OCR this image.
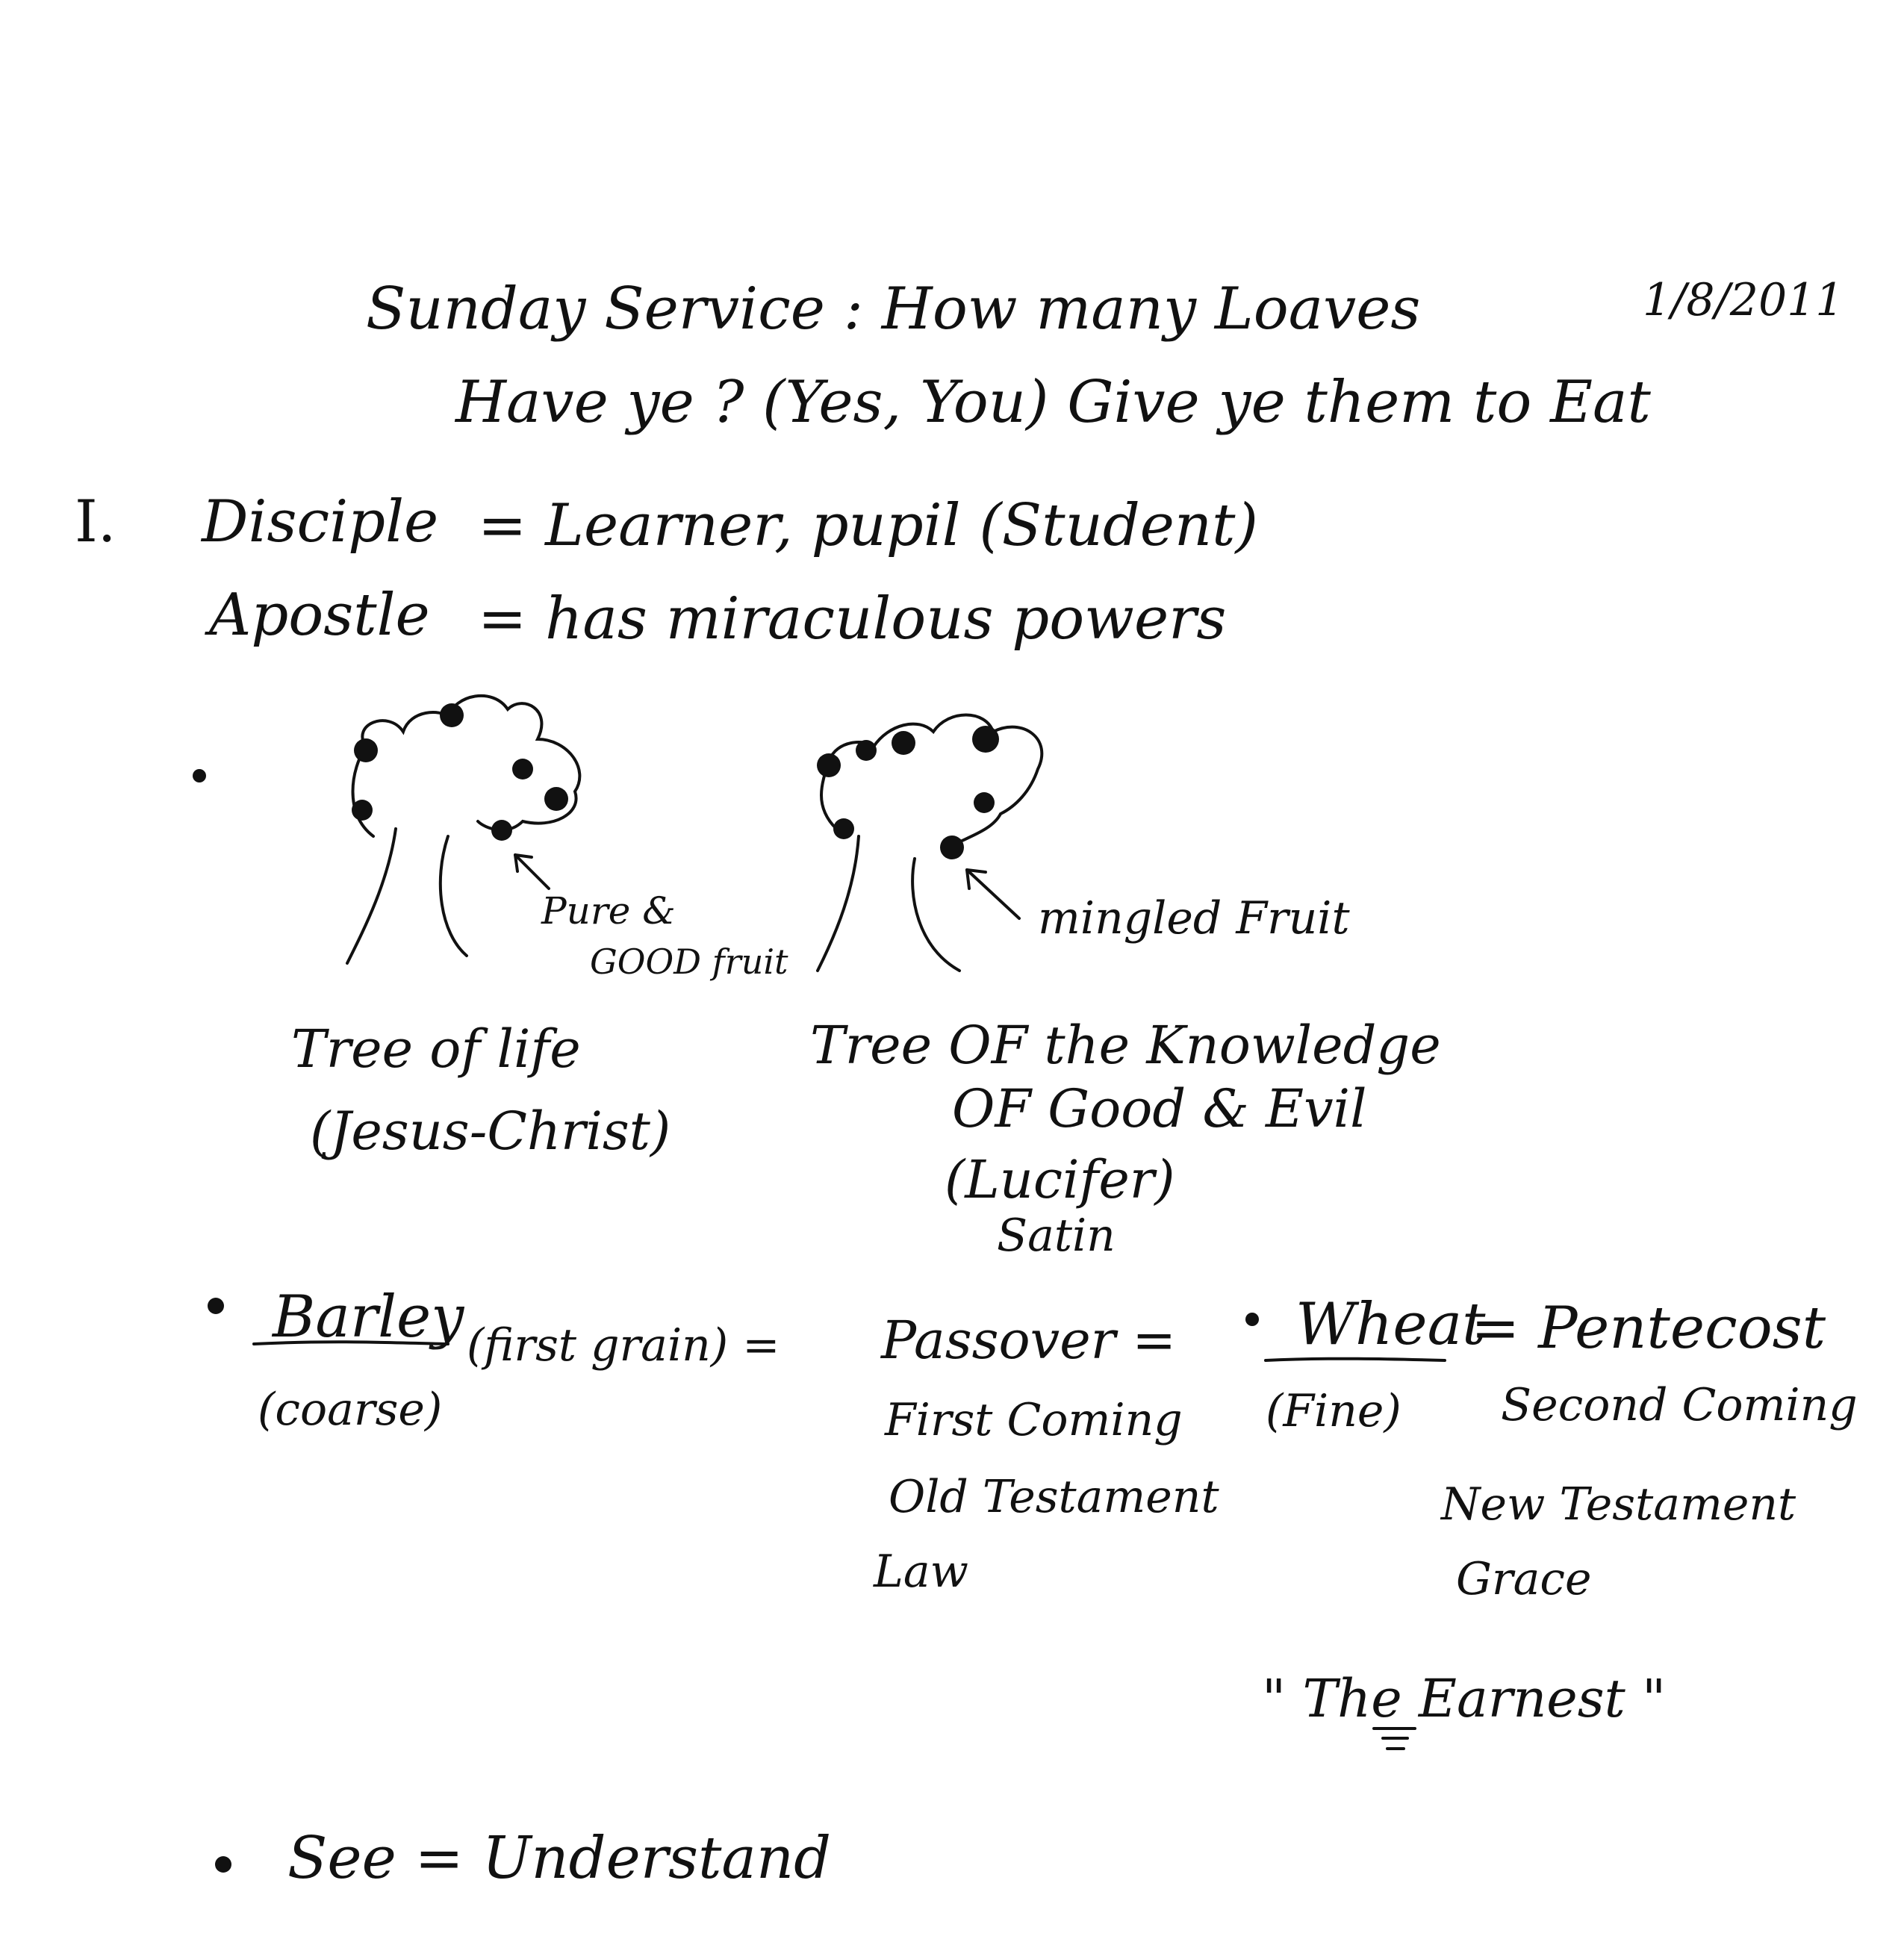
Sunday Service : How many Loaves	1/8/2011
Have ye ? (Yes, You) Give ye them to Eat
I. Disciple = Learner, pupil (Student)
Apostle = has miraculous powers
Pure &
GOOD fruit
mingled Fruit
Tree of life
(Jesus-Christ)
Tree OF the Knowledge
OF Good & Evil
(Lucifer)
Satin
Barley (first grain) =
(coarse)
Passover =
First Coming
Old Testament
Law
Wheat
= Pentecost
(Fine) Second Coming
New Testament
Grace
" The Earnest "
See = Understand
